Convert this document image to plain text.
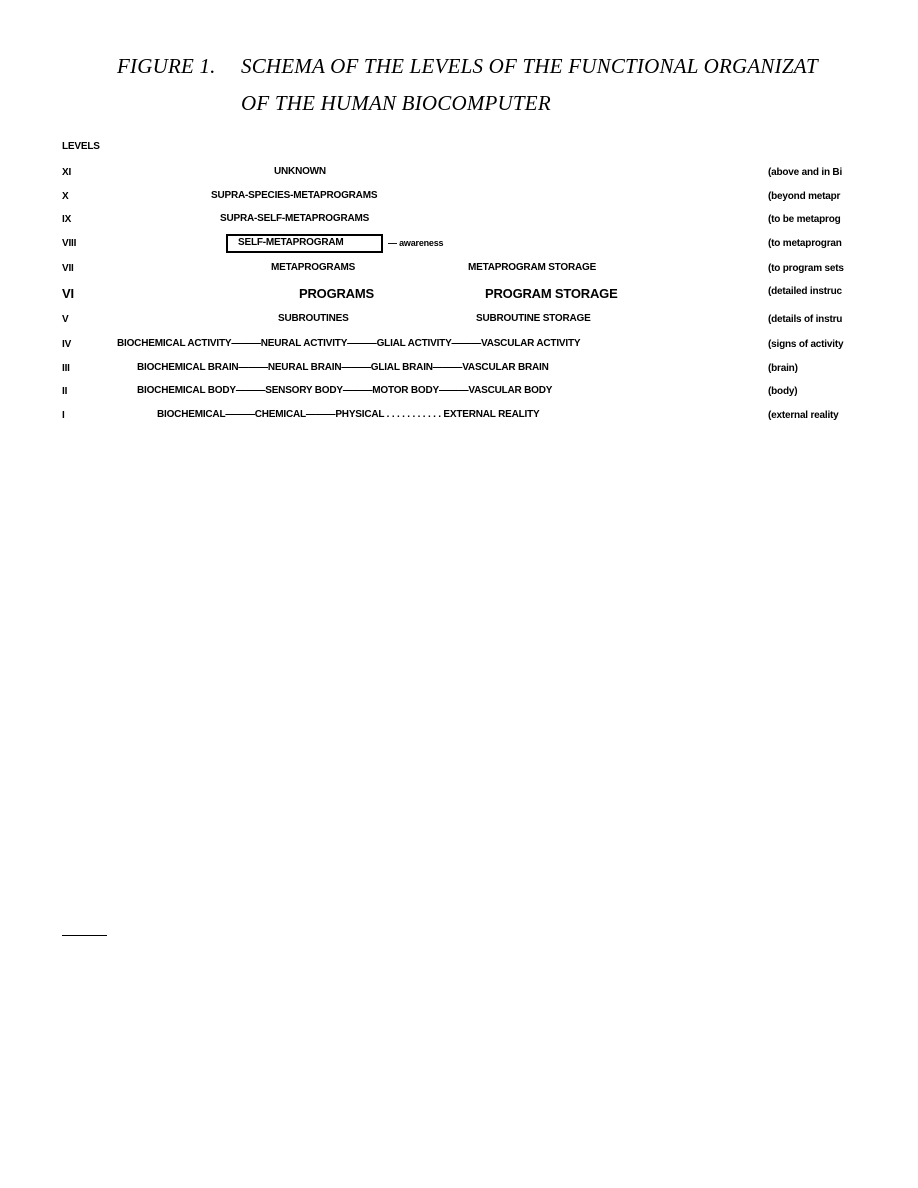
FIGURE 1. SCHEMA OF THE LEVELS OF THE FUNCTIONAL ORGANIZAT
OF THE HUMAN BIOCOMPUTER
LEVELS
XI	UNKNOWN	(above and in Bi
X	SUPRA-SPECIES-METAPROGRAMS	(beyond metapr
IX	SUPRA-SELF-METAPROGRAMS	(to be metaprog
VIII	SELF-METAPROGRAM	— awareness	(to metaprogran
VII	METAPROGRAMS	METAPROGRAM STORAGE	(to program sets
VI	PROGRAMS	PROGRAM STORAGE	(detailed instruc
V	SUBROUTINES	SUBROUTINE STORAGE	(details of instru
IV	BIOCHEMICAL ACTIVITY———NEURAL ACTIVITY———GLIAL ACTIVITY———VASCULAR ACTIVITY	(signs of activity
III	BIOCHEMICAL BRAIN———NEURAL BRAIN———GLIAL BRAIN———VASCULAR BRAIN	(brain)
II	BIOCHEMICAL BODY———SENSORY BODY———MOTOR BODY———VASCULAR BODY	(body)
I	BIOCHEMICAL———CHEMICAL———PHYSICAL . . . . . . . . . . . EXTERNAL REALITY	(external reality
